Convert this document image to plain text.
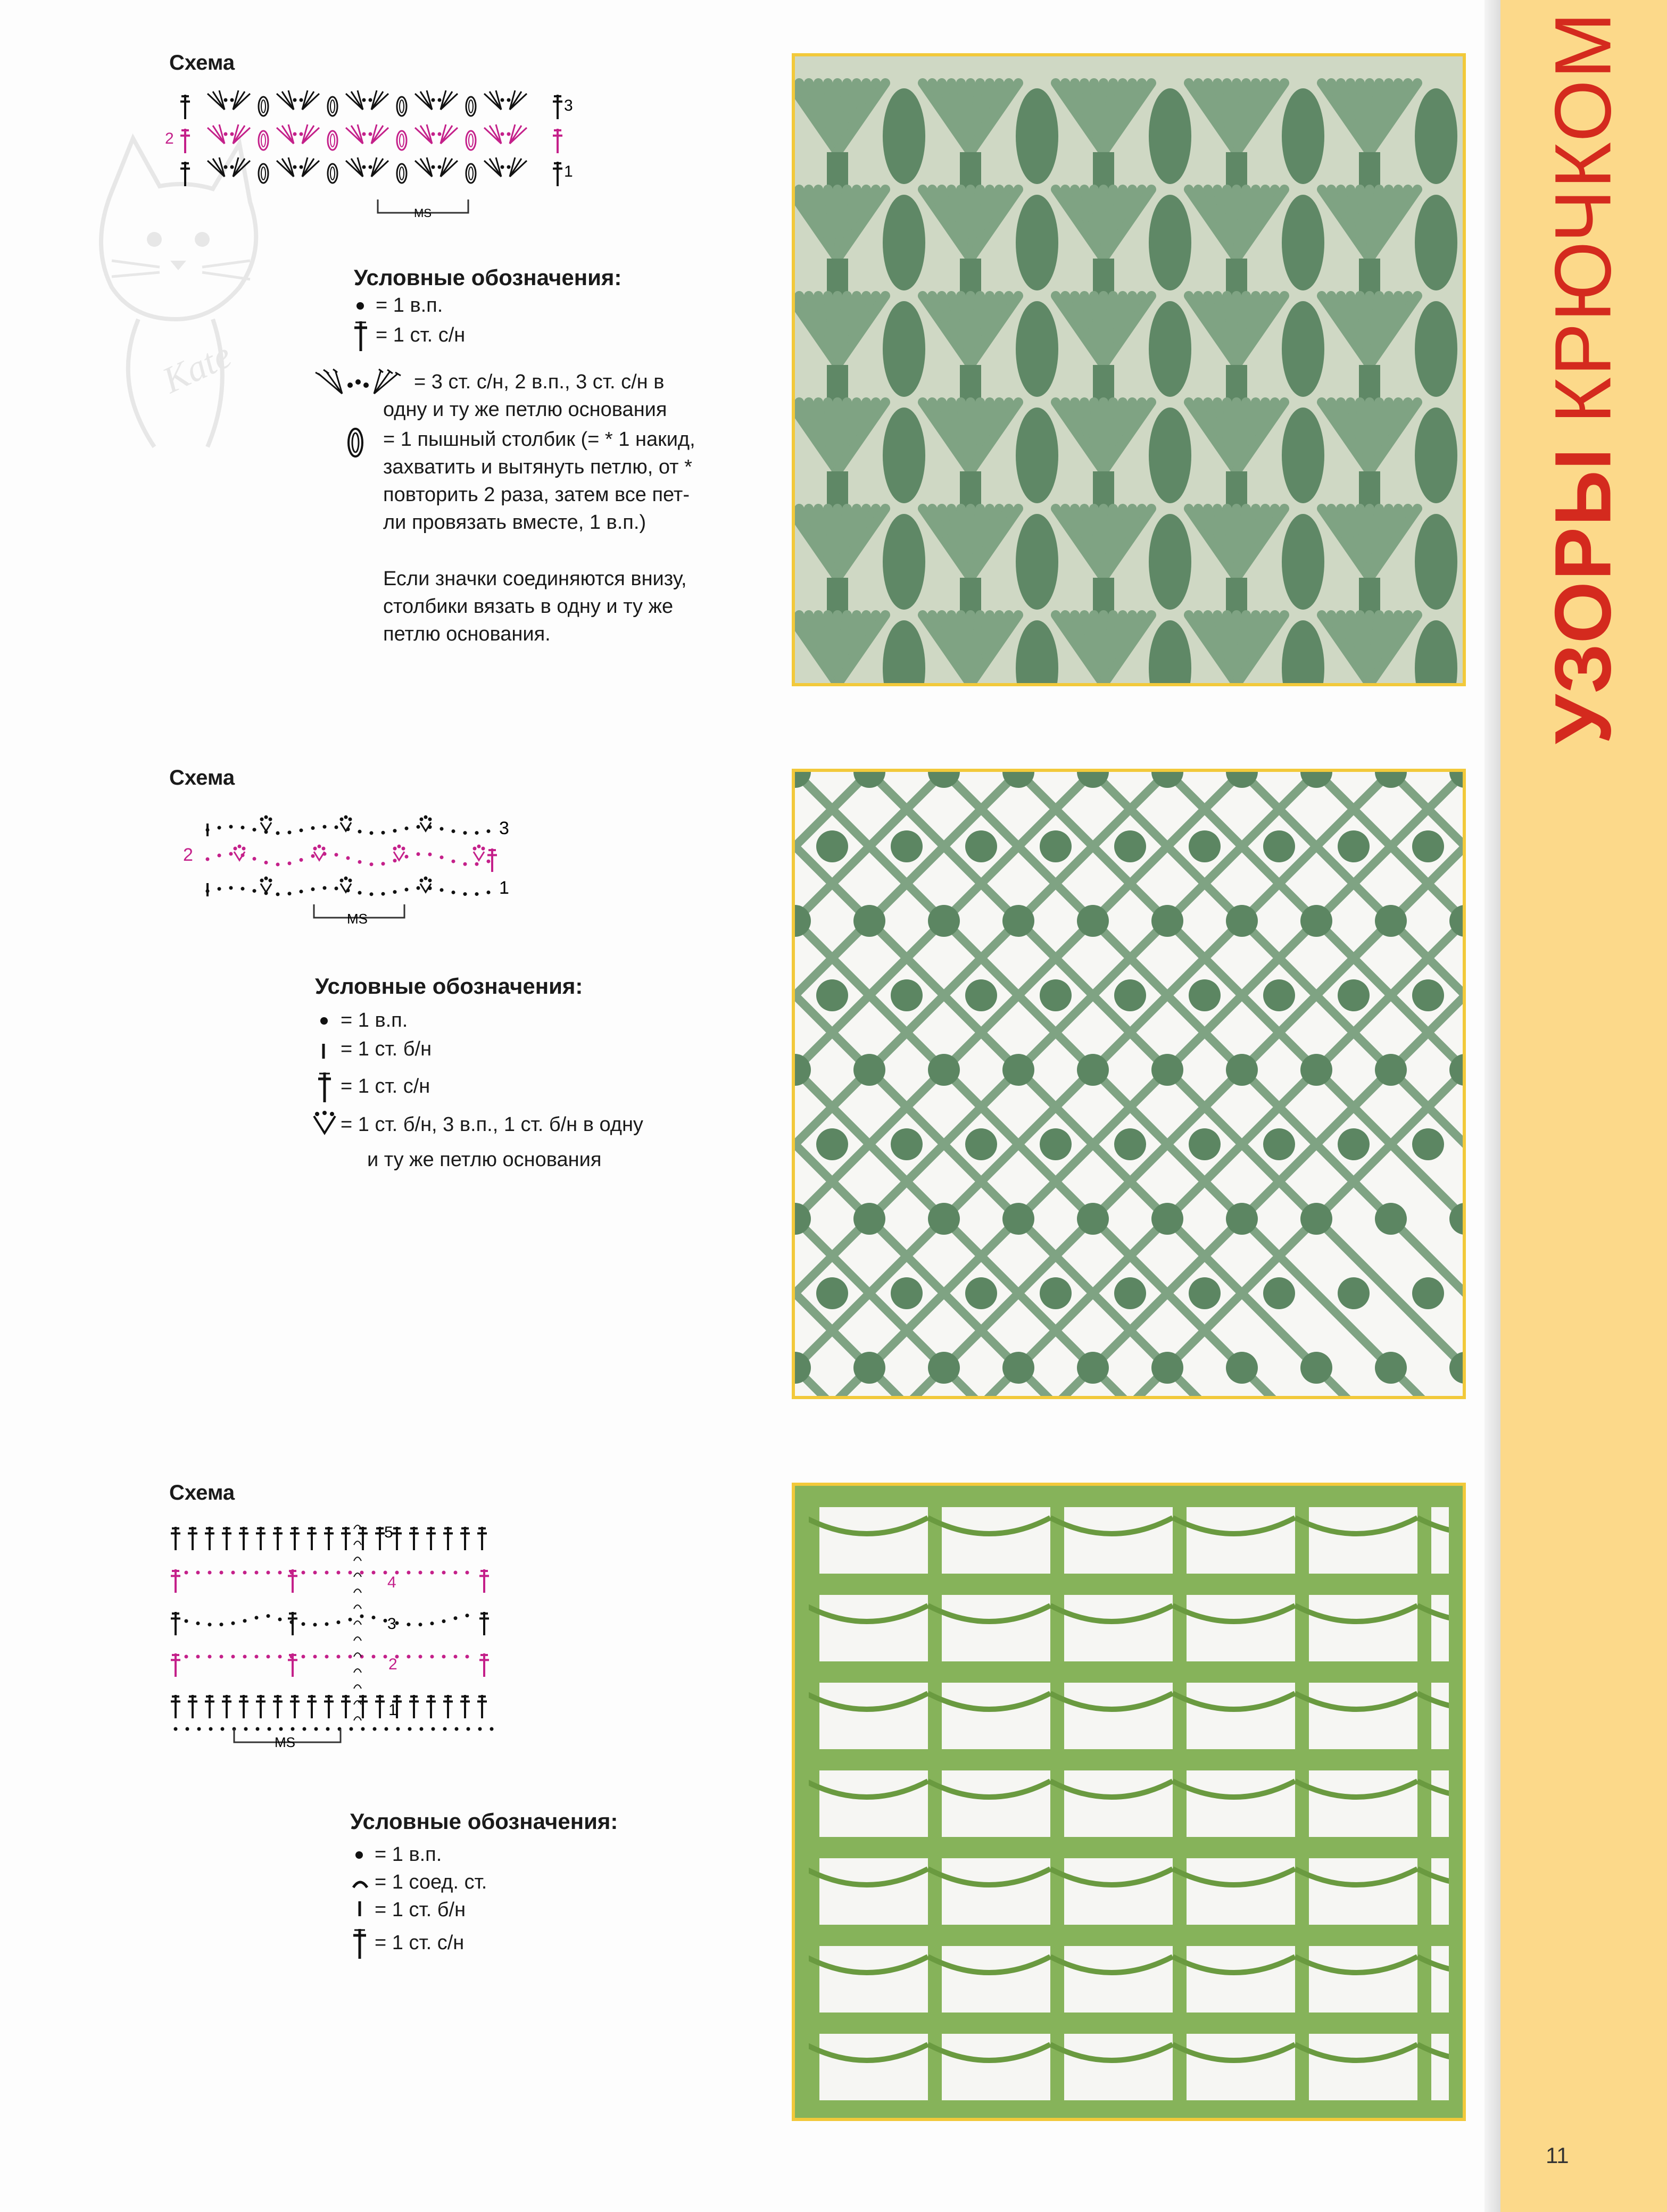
УЗОРЫ КРЮЧКОМ
11
Kate
Схема
3
2
1
MS
Условные обозначения:
= 1 в.п.
= 1 ст. с/н
= 3 ст. с/н, 2 в.п., 3 ст. с/н в
одну и ту же петлю основания
= 1 пышный столбик (= * 1 накид,
захватить и вытянуть петлю, от *
повторить 2 раза, затем все пет-
ли провязать вместе, 1 в.п.)
Если значки соединяются внизу,
столбики вязать в одну и ту же
петлю основания.
Схема
3
2
1
MS
Условные обозначения:
= 1 в.п.
= 1 ст. б/н
= 1 ст. с/н
= 1 ст. б/н, 3 в.п., 1 ст. б/н в одну
и ту же петлю основания
Схема
5
4
3
2
1
MS
Условные обозначения:
= 1 в.п.
= 1 соед. ст.
= 1 ст. б/н
= 1 ст. с/н
